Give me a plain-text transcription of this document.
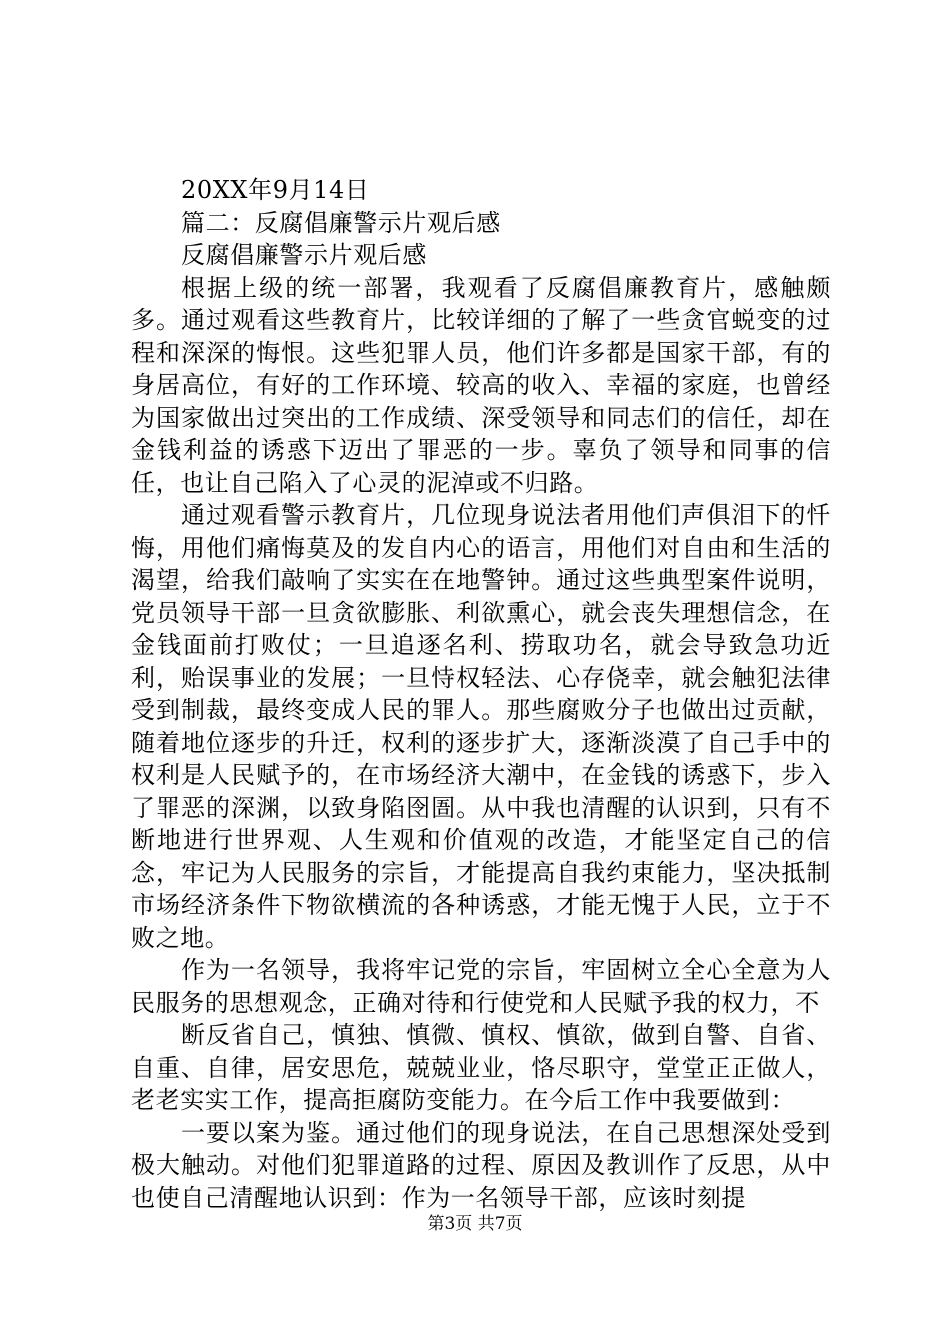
20XX年9月14日

篇二：反腐倡廉警示片观后感

反腐倡廉警示片观后感

根据上级的统一部署，我观看了反腐倡廉教育片，感触颇多。通过观看这些教育片，比较详细的了解了一些贪官蜕变的过程和深深的悔恨。这些犯罪人员，他们许多都是国家干部，有的身居高位，有好的工作环境、较高的收入、幸福的家庭，也曾经为国家做出过突出的工作成绩、深受领导和同志们的信任，却在金钱利益的诱惑下迈出了罪恶的一步。辜负了领导和同事的信任，也让自己陷入了心灵的泥淖或不归路。

通过观看警示教育片，几位现身说法者用他们声俱泪下的忏悔，用他们痛悔莫及的发自内心的语言，用他们对自由和生活的渴望，给我们敲响了实实在在地警钟。通过这些典型案件说明，党员领导干部一旦贪欲膨胀、利欲熏心，就会丧失理想信念，在金钱面前打败仗；一旦追逐名利、捞取功名，就会导致急功近利，贻误事业的发展；一旦恃权轻法、心存侥幸，就会触犯法律受到制裁，最终变成人民的罪人。那些腐败分子也做出过贡献，随着地位逐步的升迁，权利的逐步扩大，逐渐淡漠了自己手中的权利是人民赋予的，在市场经济大潮中，在金钱的诱惑下，步入了罪恶的深渊，以致身陷囹圄。从中我也清醒的认识到，只有不断地进行世界观、人生观和价值观的改造，才能坚定自己的信念，牢记为人民服务的宗旨，才能提高自我约束能力，坚决抵制市场经济条件下物欲横流的各种诱惑，才能无愧于人民，立于不败之地。

作为一名领导，我将牢记党的宗旨，牢固树立全心全意为人民服务的思想观念，正确对待和行使党和人民赋予我的权力，不

断反省自己，慎独、慎微、慎权、慎欲，做到自警、自省、自重、自律，居安思危，兢兢业业，恪尽职守，堂堂正正做人，老老实实工作，提高拒腐防变能力。在今后工作中我要做到：

一要以案为鉴。通过他们的现身说法，在自己思想深处受到极大触动。对他们犯罪道路的过程、原因及教训作了反思，从中也使自己清醒地认识到：作为一名领导干部，应该时刻提

第3页 共7页
